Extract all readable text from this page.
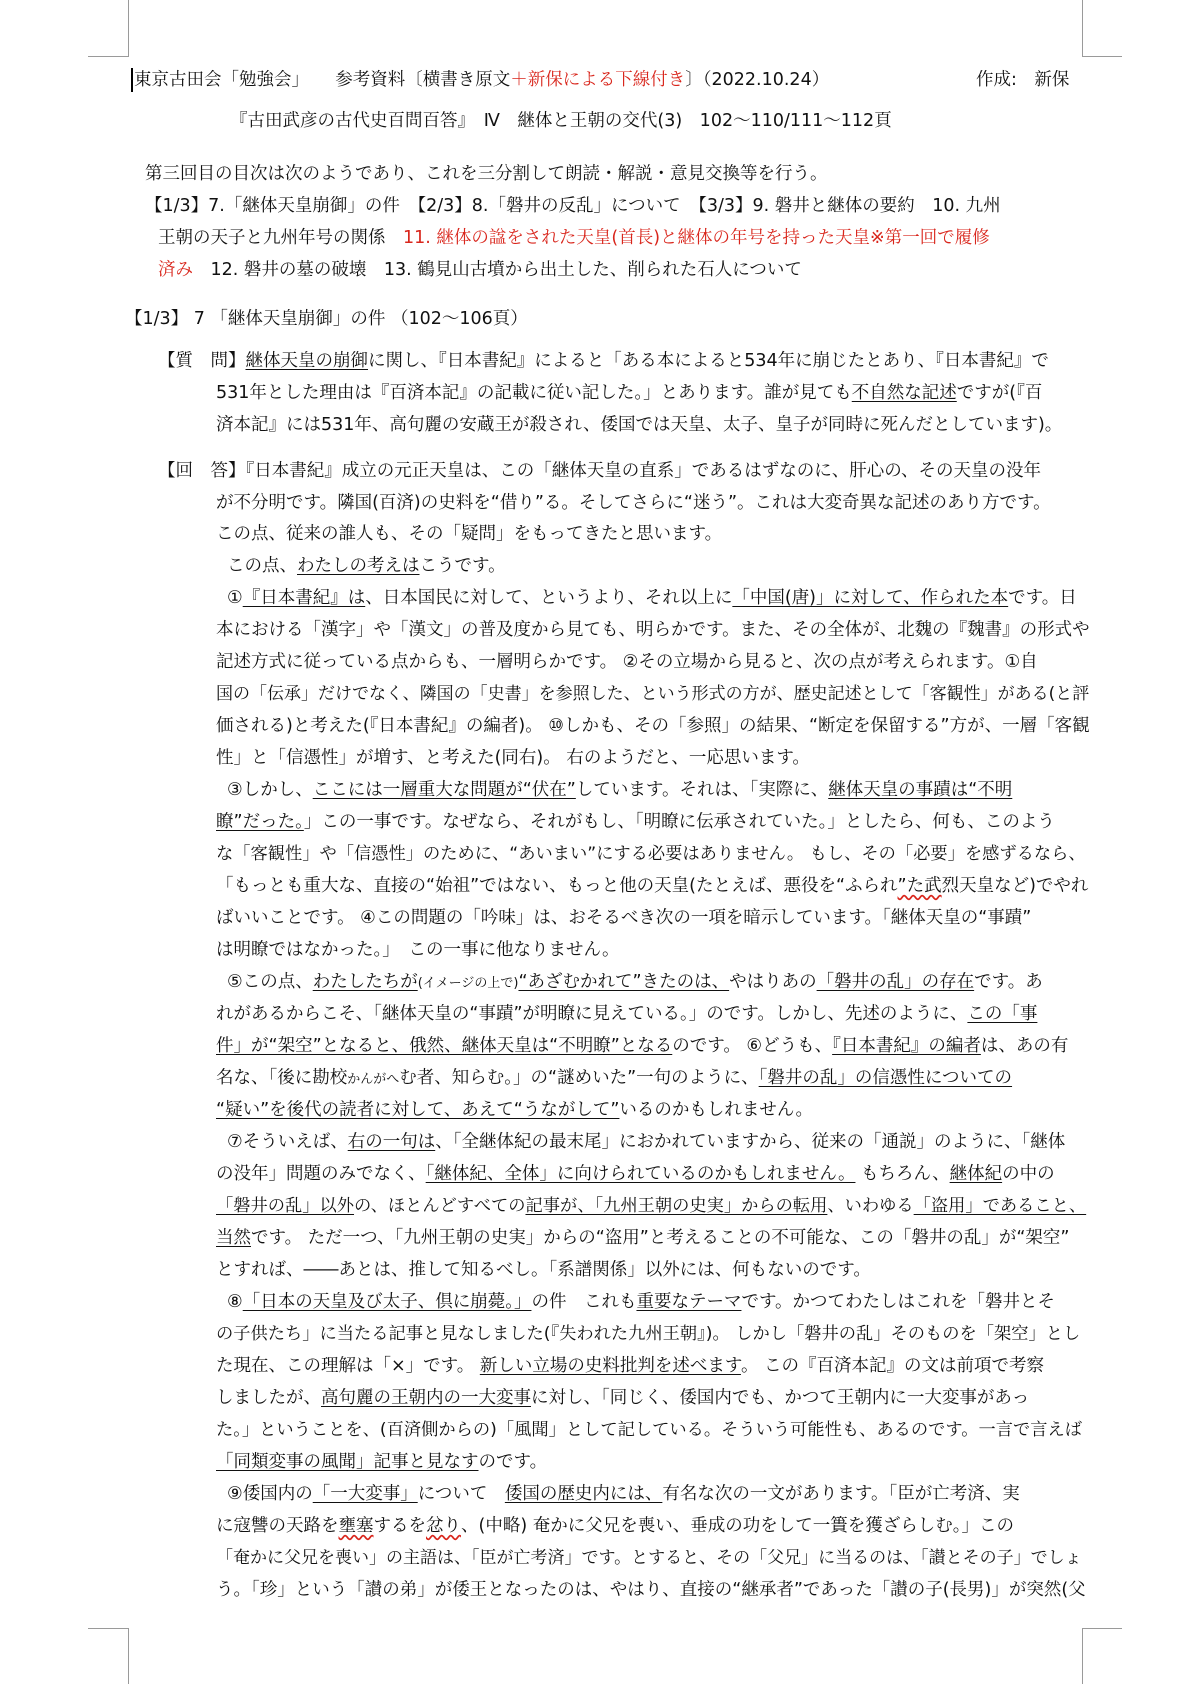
東京古田会「勉強会」　　 参考資料〔横書き原文＋新保による下線付き〕（2022.10.24）	作成:　新保
『古田武彦の古代史百問百答』　Ⅳ　継体と王朝の交代(3)　102～110/111～112頁
第三回目の目次は次のようであり、これを三分割して朗読・解説・意見交換等を行う。
【1/3】7.「継体天皇崩御」の件　【2/3】8.「磐井の反乱」について　【3/3】9. 磐井と継体の要約　10. 九州
王朝の天子と九州年号の関係　11. 継体の諡をされた天皇(首長)と継体の年号を持った天皇※第一回で履修
済み　12. 磐井の墓の破壊　13. 鶴見山古墳から出土した、削られた石人について
【1/3】 7 「継体天皇崩御」の件 （102～106頁）
【質　問】継体天皇の崩御に関し、『日本書紀』によると「ある本によると534年に崩じたとあり、『日本書紀』で
531年とした理由は『百済本記』の記載に従い記した。」とあります。誰が見ても不自然な記述ですが(『百
済本記』には531年、高句麗の安蔵王が殺され、倭国では天皇、太子、皇子が同時に死んだとしています)。
【回　答】『日本書紀』成立の元正天皇は、この「継体天皇の直系」であるはずなのに、肝心の、その天皇の没年
が不分明です。隣国(百済)の史料を“借り”る。そしてさらに“迷う”。これは大変奇異な記述のあり方です。
この点、従来の誰人も、その「疑問」をもってきたと思います。
この点、わたしの考えはこうです。
①『日本書紀』は、日本国民に対して、というより、それ以上に「中国(唐)」に対して、作られた本です。日
本における「漢字」や「漢文」の普及度から見ても、明らかです。また、その全体が、北魏の『魏書』の形式や
記述方式に従っている点からも、一層明らかです。 ②その立場から見ると、次の点が考えられます。①自
国の「伝承」だけでなく、隣国の「史書」を参照した、という形式の方が、歴史記述として「客観性」がある(と評
価される)と考えた(『日本書紀』の編者)。 ⑩しかも、その「参照」の結果、“断定を保留する”方が、一層「客観
性」と「信憑性」が増す、と考えた(同右)。 右のようだと、一応思います。
③しかし、ここには一層重大な問題が“伏在”しています。それは、「実際に、継体天皇の事蹟は“不明
瞭”だった。」この一事です。なぜなら、それがもし、「明瞭に伝承されていた。」としたら、何も、このよう
な「客観性」や「信憑性」のために、“あいまい”にする必要はありません。 もし、その「必要」を感ずるなら、
「もっとも重大な、直接の“始祖”ではない、もっと他の天皇(たとえば、悪役を“ふられ”た武烈天皇など)でやれ
ばいいことです。 ④この問題の「吟味」は、おそるべき次の一項を暗示しています。「継体天皇の“事蹟”
は明瞭ではなかった。」　この一事に他なりません。
⑤この点、わたしたちが(イメージの上で)“あざむかれて”きたのは、やはりあの「磐井の乱」の存在です。あ
れがあるからこそ、「継体天皇の“事蹟”が明瞭に見えている。」のです。しかし、先述のように、この「事
件」が“架空”となると、俄然、継体天皇は“不明瞭”となるのです。 ⑥どうも、『日本書紀』の編者は、あの有
名な、「後に勘校かんがへむ者、知らむ。」の“謎めいた”一句のように、「磐井の乱」の信憑性についての
“疑い”を後代の読者に対して、あえて“うながして”いるのかもしれません。
⑦そういえば、右の一句は、「全継体紀の最末尾」におかれていますから、従来の「通説」のように、「継体
の没年」問題のみでなく、「継体紀、全体」に向けられているのかもしれません。 もちろん、継体紀の中の
「磐井の乱」以外の、ほとんどすべての記事が、「九州王朝の史実」からの転用、いわゆる「盗用」であること、
当然です。 ただ一つ、「九州王朝の史実」からの“盗用”と考えることの不可能な、この「磐井の乱」が“架空”
とすれば、――あとは、推して知るべし。「系譜関係」以外には、何もないのです。
⑧「日本の天皇及び太子、倶に崩薨。」の件　これも重要なテーマです。かつてわたしはこれを「磐井とそ
の子供たち」に当たる記事と見なしました(『失われた九州王朝』)。 しかし「磐井の乱」そのものを「架空」とし
た現在、この理解は「×」です。 新しい立場の史料批判を述べます。 この『百済本記』の文は前項で考察
しましたが、高句麗の王朝内の一大変事に対し、「同じく、倭国内でも、かつて王朝内に一大変事があっ
た。」ということを、(百済側からの)「風聞」として記している。そういう可能性も、あるのです。一言で言えば
「同類変事の風聞」記事と見なすのです。
⑨倭国内の「一大変事」について　倭国の歴史内には、有名な次の一文があります。「臣が亡考済、実
に寇讐の天路を壅塞するを忿り、(中略) 奄かに父兄を喪い、垂成の功をして一簣を獲ざらしむ。」この
「奄かに父兄を喪い」の主語は、「臣が亡考済」です。とすると、その「父兄」に当るのは、「讃とその子」でしょ
う。「珍」という「讃の弟」が倭王となったのは、やはり、直接の“継承者”であった「讃の子(長男)」が突然(父
